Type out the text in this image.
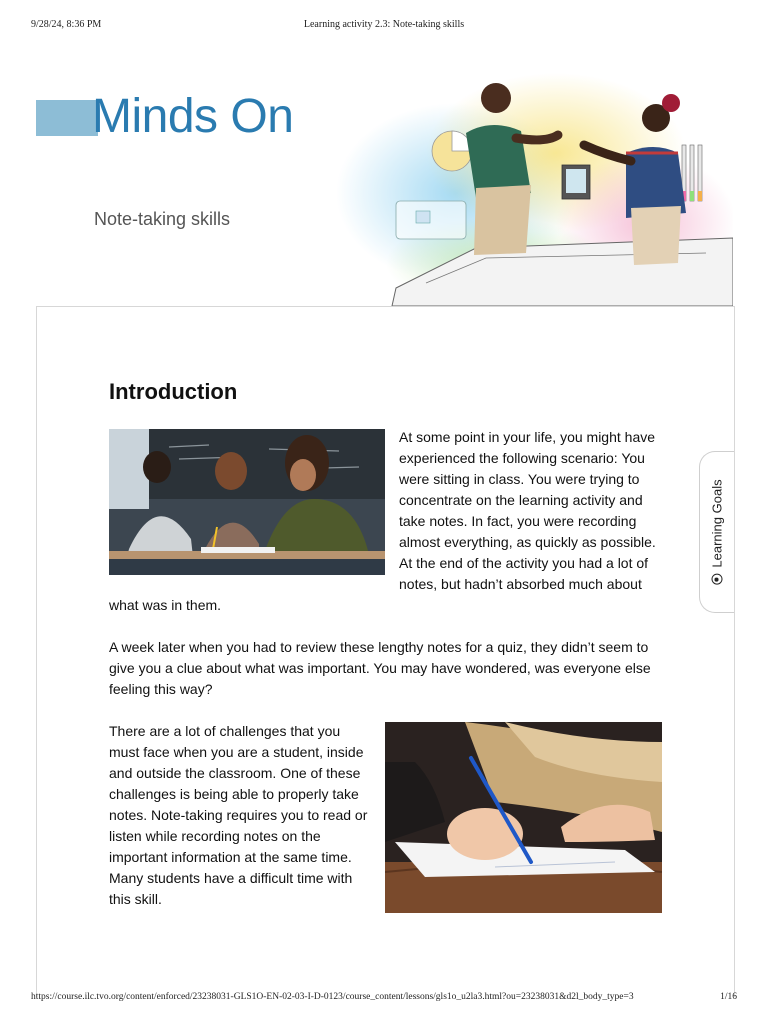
9/28/24, 8:36 PM	Learning activity 2.3: Note-taking skills
Minds On
Note-taking skills
Introduction
At some point in your life, you might have experienced the following scenario: You were sitting in class. You were trying to concentrate on the learning activity and take notes. In fact, you were recording almost everything, as quickly as possible. At the end of the activity you had a lot of notes, but hadn’t absorbed much about what was in them.

A week later when you had to review these lengthy notes for a quiz, they didn’t seem to give you a clue about what was important. You may have wondered, was everyone else feeling this way?

There are a lot of challenges that you must face when you are a student, inside and outside the classroom. One of these challenges is being able to properly take notes. Note-taking requires you to read or listen while recording notes on the important information at the same time. Many students have a difficult time with this skill.

Learning Goals
https://course.ilc.tvo.org/content/enforced/23238031-GLS1O-EN-02-03-I-D-0123/course_content/lessons/gls1o_u2la3.html?ou=23238031&d2l_body_type=3	1/16
